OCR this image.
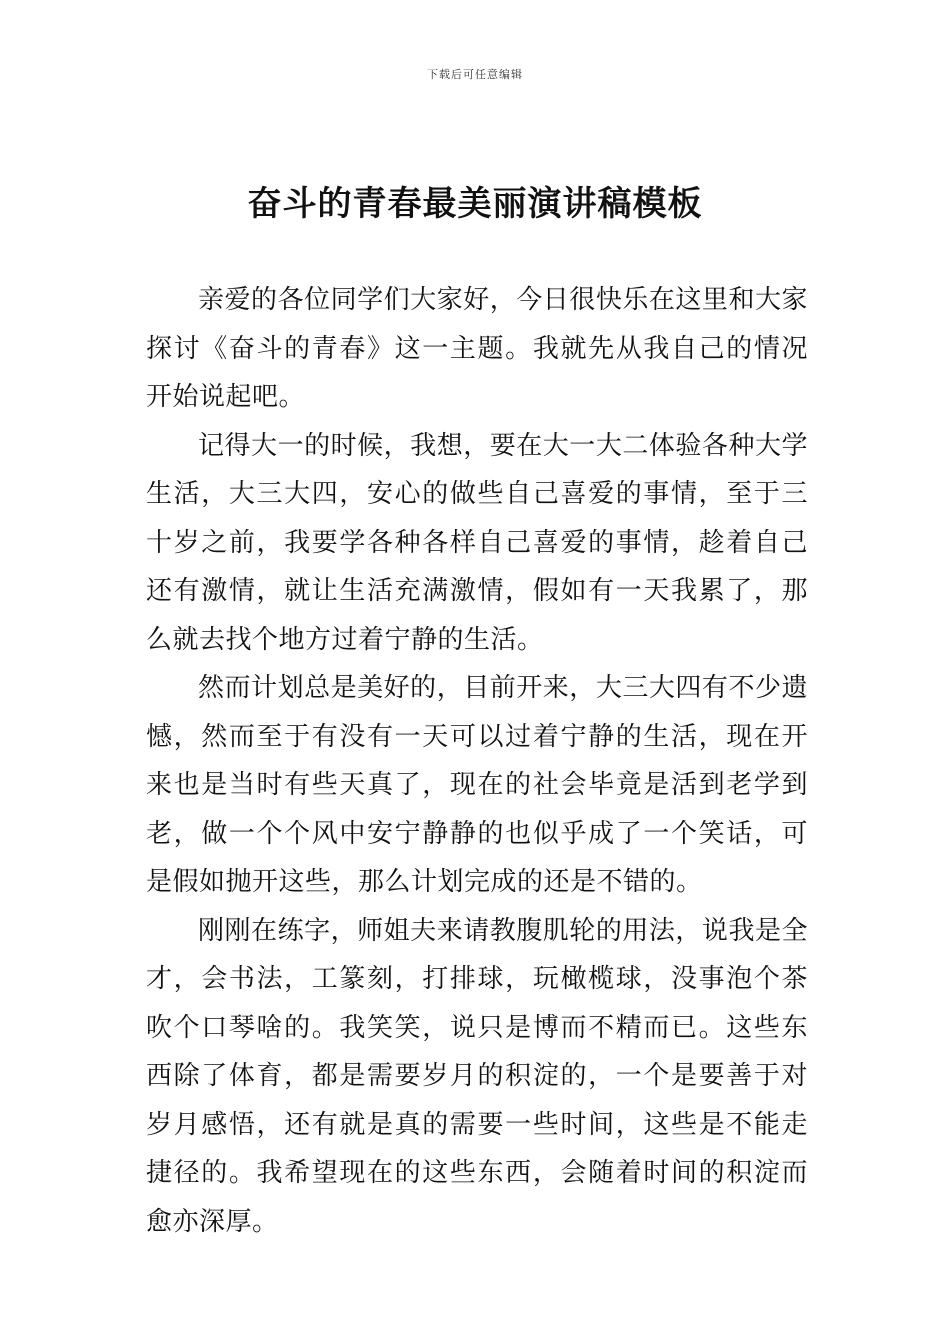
下载后可任意编辑
奋斗的青春最美丽演讲稿模板

亲爱的各位同学们大家好，今日很快乐在这里和大家探讨《奋斗的青春》这一主题。我就先从我自己的情况开始说起吧。

记得大一的时候，我想，要在大一大二体验各种大学生活，大三大四，安心的做些自己喜爱的事情，至于三十岁之前，我要学各种各样自己喜爱的事情，趁着自己还有激情，就让生活充满激情，假如有一天我累了，那么就去找个地方过着宁静的生活。

然而计划总是美好的，目前开来，大三大四有不少遗憾，然而至于有没有一天可以过着宁静的生活，现在开来也是当时有些天真了，现在的社会毕竟是活到老学到老，做一个个风中安宁静静的也似乎成了一个笑话，可是假如抛开这些，那么计划完成的还是不错的。

刚刚在练字，师姐夫来请教腹肌轮的用法，说我是全才，会书法，工篆刻，打排球，玩橄榄球，没事泡个茶吹个口琴啥的。我笑笑，说只是博而不精而已。这些东西除了体育，都是需要岁月的积淀的，一个是要善于对岁月感悟，还有就是真的需要一些时间，这些是不能走捷径的。我希望现在的这些东西，会随着时间的积淀而愈亦深厚。
